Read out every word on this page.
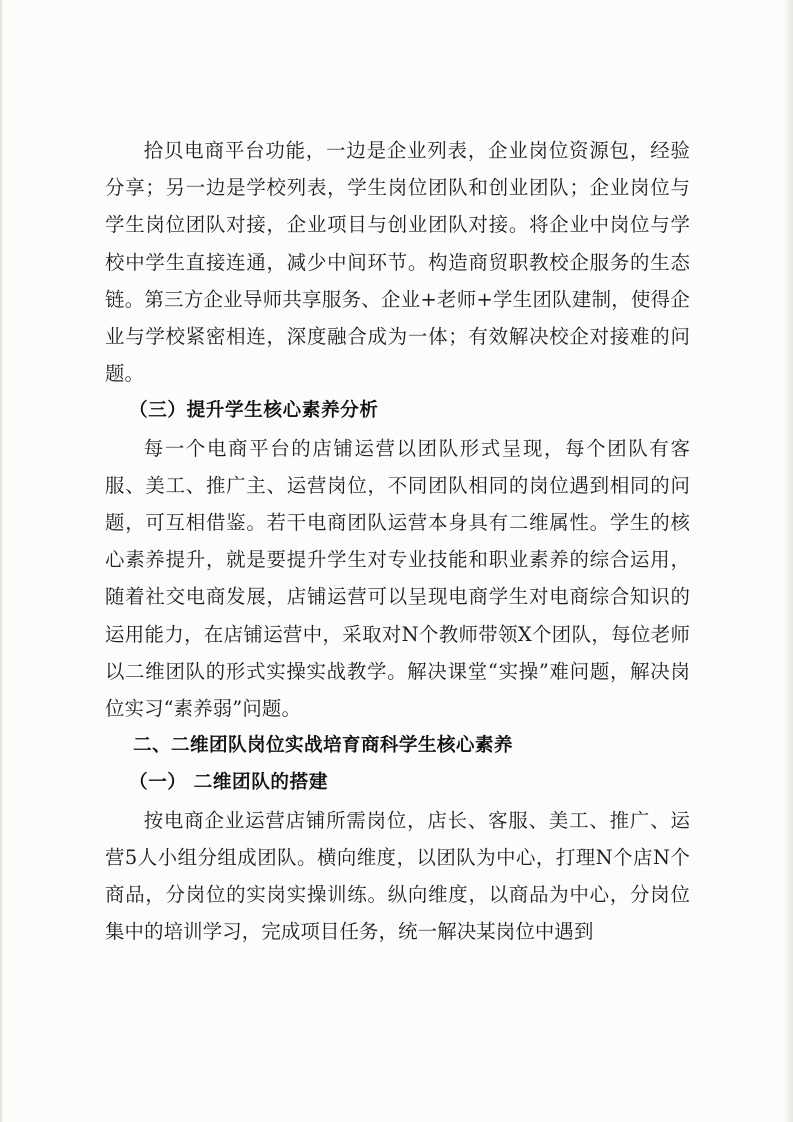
拾贝电商平台功能，一边是企业列表，企业岗位资源包，经验分享；另一边是学校列表，学生岗位团队和创业团队；企业岗位与学生岗位团队对接，企业项目与创业团队对接。将企业中岗位与学校中学生直接连通，减少中间环节。构造商贸职教校企服务的生态链。第三方企业导师共享服务、企业+老师+学生团队建制，使得企业与学校紧密相连，深度融合成为一体；有效解决校企对接难的问题。

（三）提升学生核心素养分析

每一个电商平台的店铺运营以团队形式呈现，每个团队有客服、美工、推广主、运营岗位，不同团队相同的岗位遇到相同的问题，可互相借鉴。若干电商团队运营本身具有二维属性。学生的核心素养提升，就是要提升学生对专业技能和职业素养的综合运用，随着社交电商发展，店铺运营可以呈现电商学生对电商综合知识的运用能力，在店铺运营中，采取对N个教师带领X个团队，每位老师以二维团队的形式实操实战教学。解决课堂“实操”难问题，解决岗位实习“素养弱”问题。

二、二维团队岗位实战培育商科学生核心素养

（一） 二维团队的搭建

按电商企业运营店铺所需岗位，店长、客服、美工、推广、运营5人小组分组成团队。横向维度，以团队为中心，打理N个店N个商品，分岗位的实岗实操训练。纵向维度，以商品为中心，分岗位集中的培训学习，完成项目任务，统一解决某岗位中遇到
